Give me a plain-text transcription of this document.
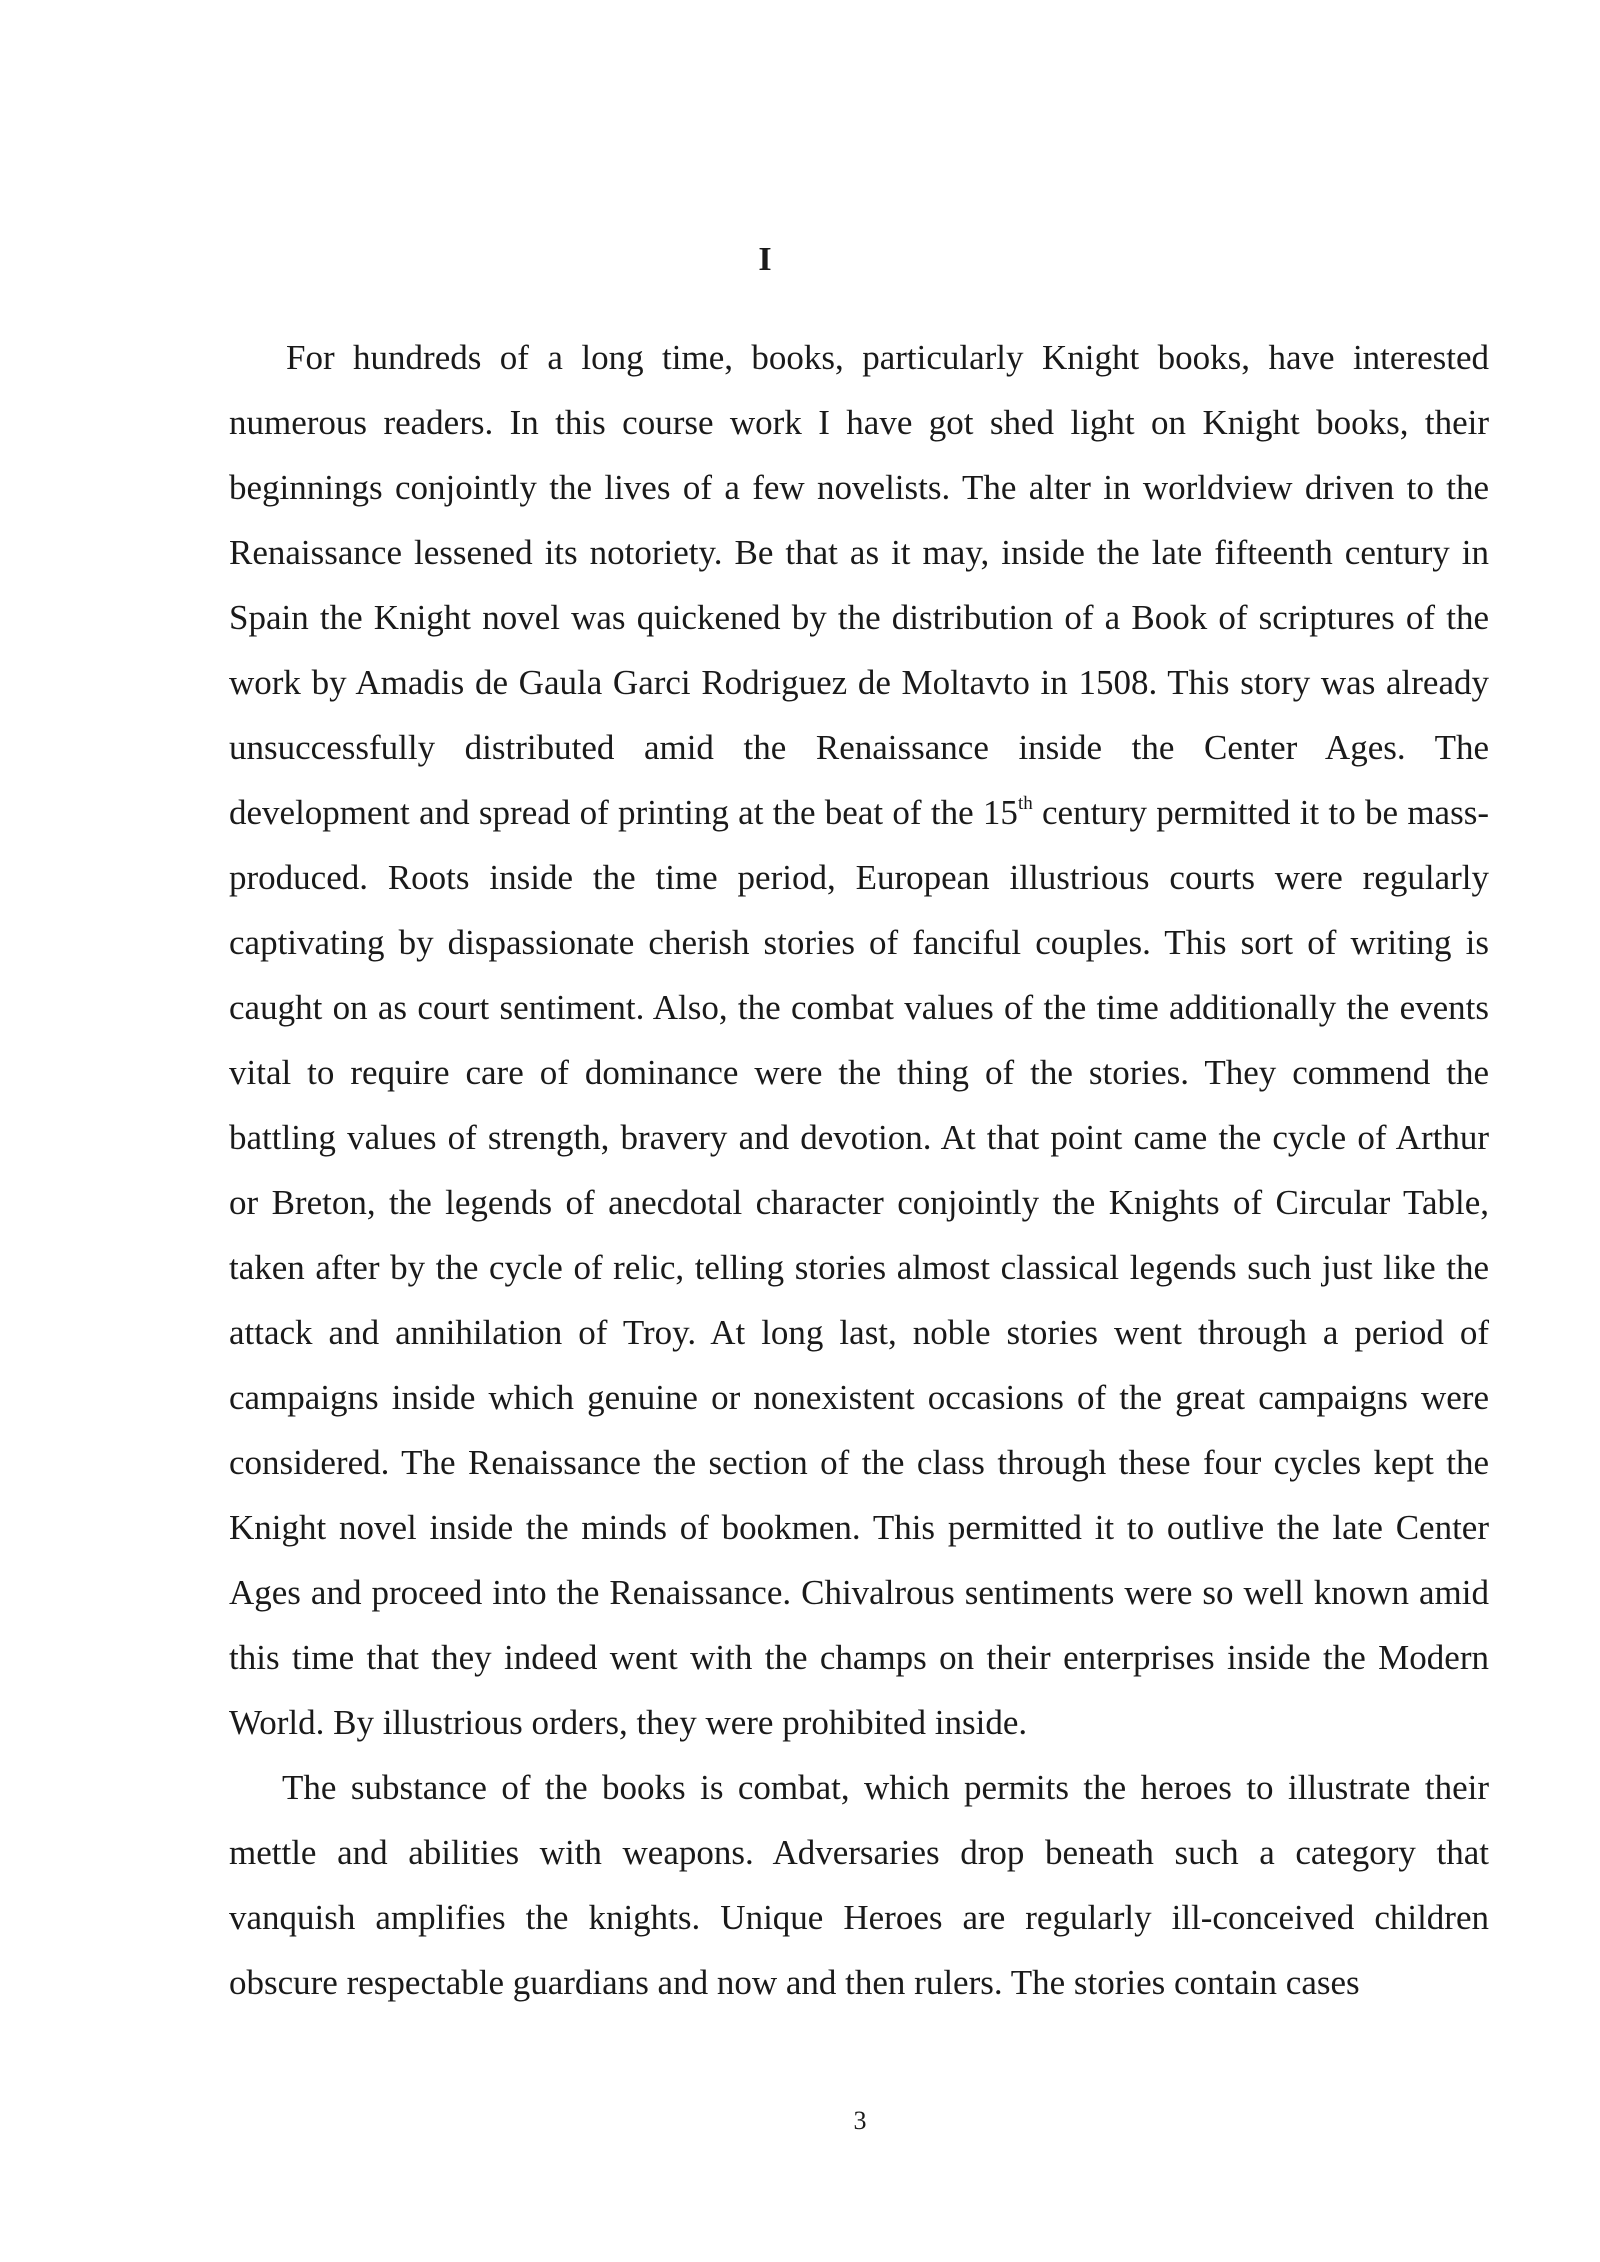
I

For hundreds of a long time, books, particularly Knight books, have interested numerous readers. In this course work I have got shed light on Knight books, their beginnings conjointly the lives of a few novelists. The alter in worldview driven to the Renaissance lessened its notoriety. Be that as it may, inside the late fifteenth century in Spain the Knight novel was quickened by the distribution of a Book of scriptures of the work by Amadis de Gaula Garci Rodriguez de Moltavto in 1508. This story was already unsuccessfully distributed amid the Renaissance inside the Center Ages. The development and spread of printing at the beat of the 15th century permitted it to be mass-produced. Roots inside the time period, European illustrious courts were regularly captivating by dispassionate cherish stories of fanciful couples. This sort of writing is caught on as court sentiment. Also, the combat values of the time additionally the events vital to require care of dominance were the thing of the stories. They commend the battling values of strength, bravery and devotion. At that point came the cycle of Arthur or Breton, the legends of anecdotal character conjointly the Knights of Circular Table, taken after by the cycle of relic, telling stories almost classical legends such just like the attack and annihilation of Troy. At long last, noble stories went through a period of campaigns inside which genuine or nonexistent occasions of the great campaigns were considered. The Renaissance the section of the class through these four cycles kept the Knight novel inside the minds of bookmen. This permitted it to outlive the late Center Ages and proceed into the Renaissance. Chivalrous sentiments were so well known amid this time that they indeed went with the champs on their enterprises inside the Modern World. By illustrious orders, they were prohibited inside.

The substance of the books is combat, which permits the heroes to illustrate their mettle and abilities with weapons. Adversaries drop beneath such a category that vanquish amplifies the knights. Unique Heroes are regularly ill-conceived children obscure respectable guardians and now and then rulers. The stories contain cases

3
